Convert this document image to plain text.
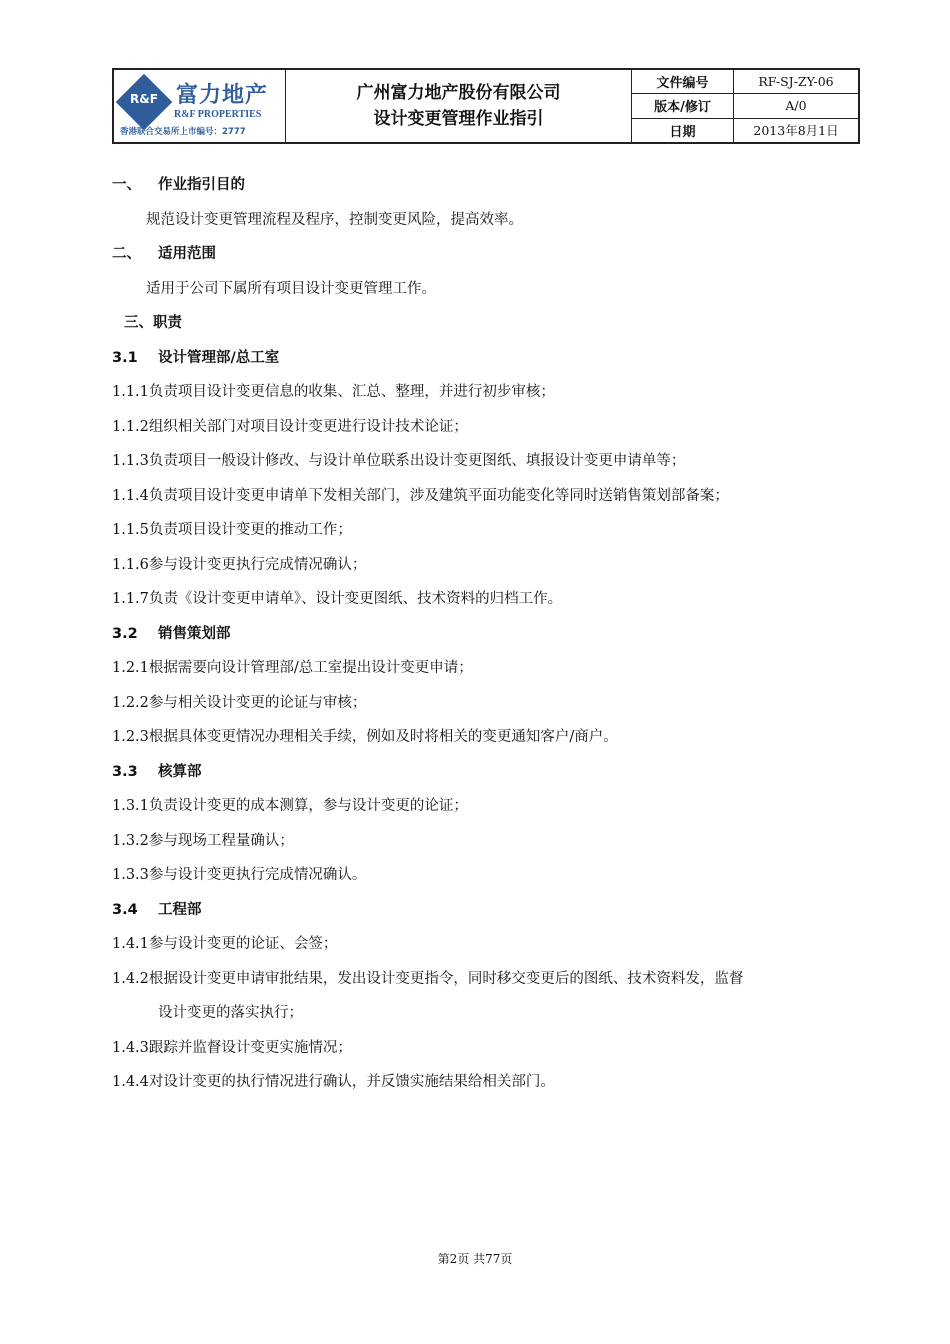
R&F 富力地产
R&F PROPERTIES
香港联合交易所上市编号：2777
广州富力地产股份有限公司
设计变更管理作业指引
文件编号	RF-SJ-ZY-06
版本/修订	A/0
日期	2013年8月1日
一、 作业指引目的
规范设计变更管理流程及程序，控制变更风险，提高效率。
二、 适用范围
适用于公司下属所有项目设计变更管理工作。
三、职责
3.1 设计管理部/总工室
1.1.1负责项目设计变更信息的收集、汇总、整理，并进行初步审核；
1.1.2组织相关部门对项目设计变更进行设计技术论证；
1.1.3负责项目一般设计修改、与设计单位联系出设计变更图纸、填报设计变更申请单等；
1.1.4负责项目设计变更申请单下发相关部门，涉及建筑平面功能变化等同时送销售策划部备案；
1.1.5负责项目设计变更的推动工作；
1.1.6参与设计变更执行完成情况确认；
1.1.7负责《设计变更申请单》、设计变更图纸、技术资料的归档工作。
3.2 销售策划部
1.2.1根据需要向设计管理部/总工室提出设计变更申请；
1.2.2参与相关设计变更的论证与审核；
1.2.3根据具体变更情况办理相关手续，例如及时将相关的变更通知客户/商户。
3.3 核算部
1.3.1负责设计变更的成本测算，参与设计变更的论证；
1.3.2参与现场工程量确认；
1.3.3参与设计变更执行完成情况确认。
3.4 工程部
1.4.1参与设计变更的论证、会签；
1.4.2根据设计变更申请审批结果，发出设计变更指令，同时移交变更后的图纸、技术资料发，监督
设计变更的落实执行；
1.4.3跟踪并监督设计变更实施情况；
1.4.4对设计变更的执行情况进行确认，并反馈实施结果给相关部门。
第2页 共77页
